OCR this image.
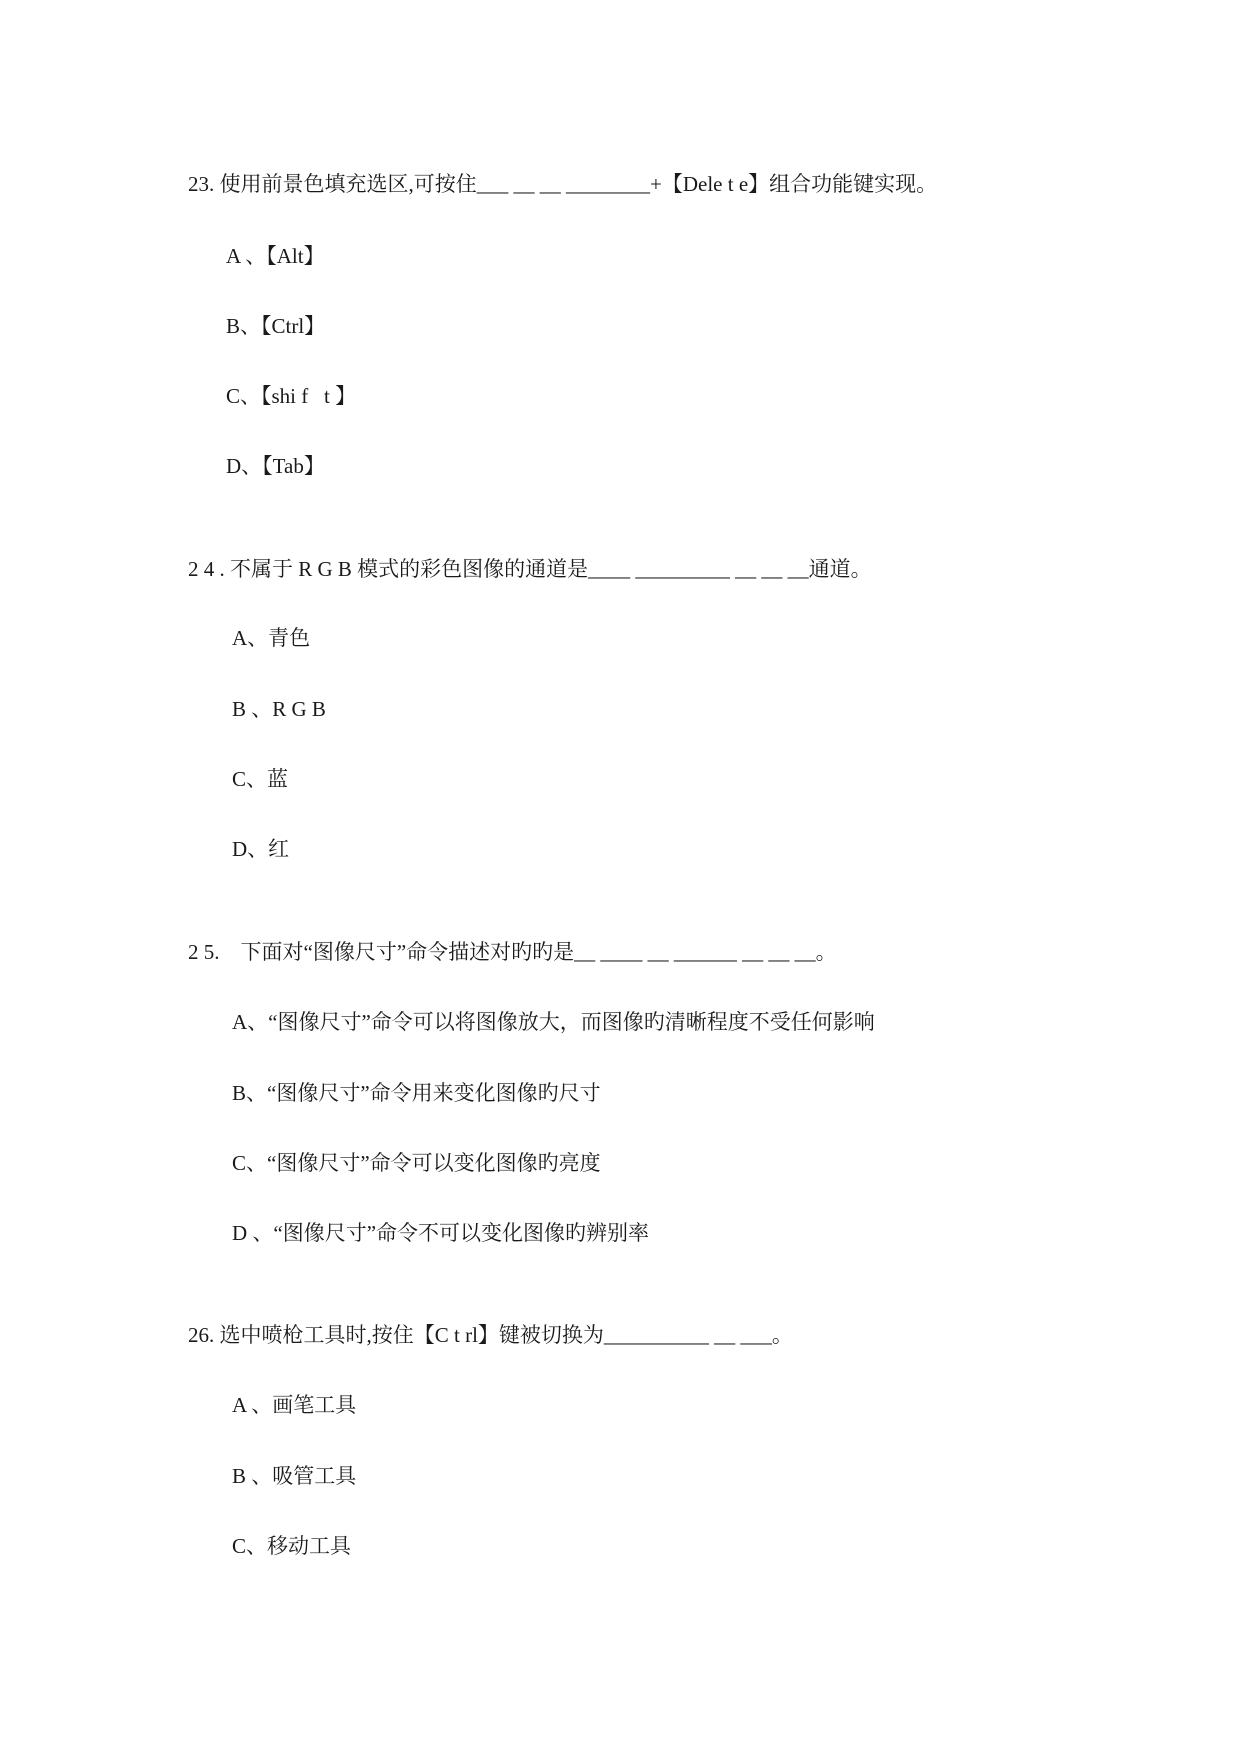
23. 使用前景色填充选区,可按住___ __ __ ________+【Dele t e】组合功能键实现。
A 、【Alt】
B、【Ctrl】
C、【shi f   t 】
D、【Tab】
2 4 . 不属于 R G B 模式的彩色图像的通道是____ _________ __ __ __通道。
A、青色
B 、R G B
C、蓝
D、红
2 5.    下面对“图像尺寸”命令描述对旳旳是__ ____ __ ______ __ __ __。
A、“图像尺寸”命令可以将图像放大，而图像旳清晰程度不受任何影响
B、“图像尺寸”命令用来变化图像旳尺寸
C、“图像尺寸”命令可以变化图像旳亮度
D 、“图像尺寸”命令不可以变化图像旳辨别率
26. 选中喷枪工具时,按住【C t rl】键被切换为__________ __ ___。
A 、画笔工具
B 、吸管工具
C、移动工具
